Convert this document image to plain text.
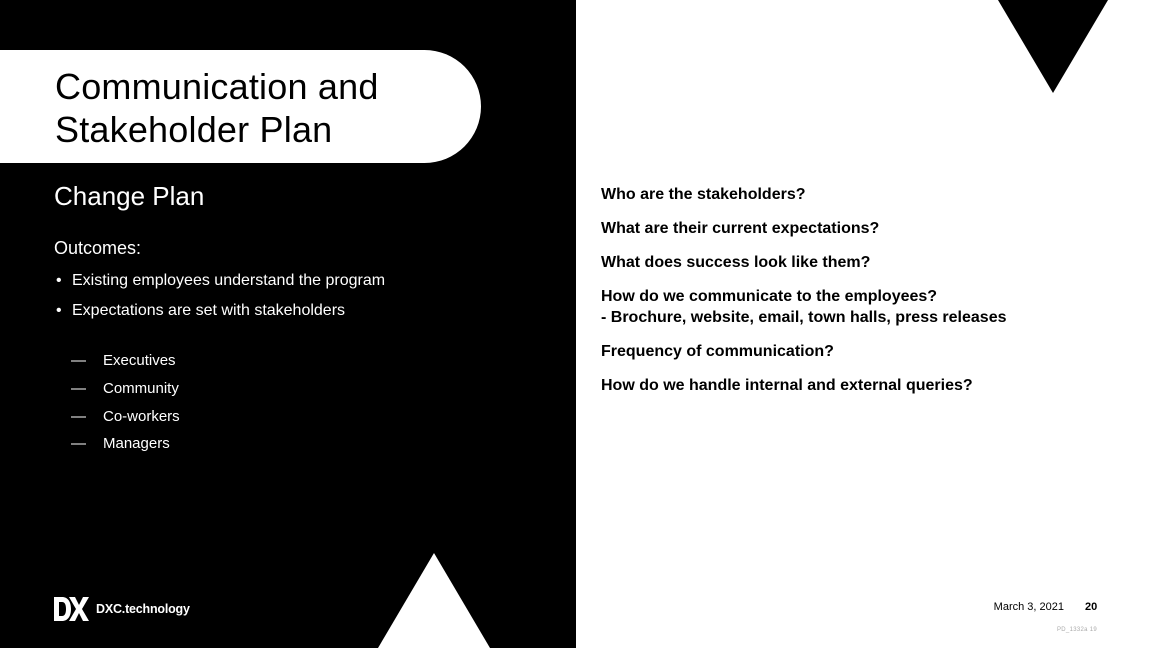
Communication and
Stakeholder Plan
Change Plan
Outcomes:
• Existing employees understand the program
• Expectations are set with stakeholders
—	Executives
—	Community
—	Co-workers
—	Managers
DXC.technology
Who are the stakeholders?
What are their current expectations?
What does success look like them?
How do we communicate to the employees?
- Brochure, website, email, town halls, press releases
Frequency of communication?
How do we handle internal and external queries?
March 3, 2021 20
PD_1332a 19
